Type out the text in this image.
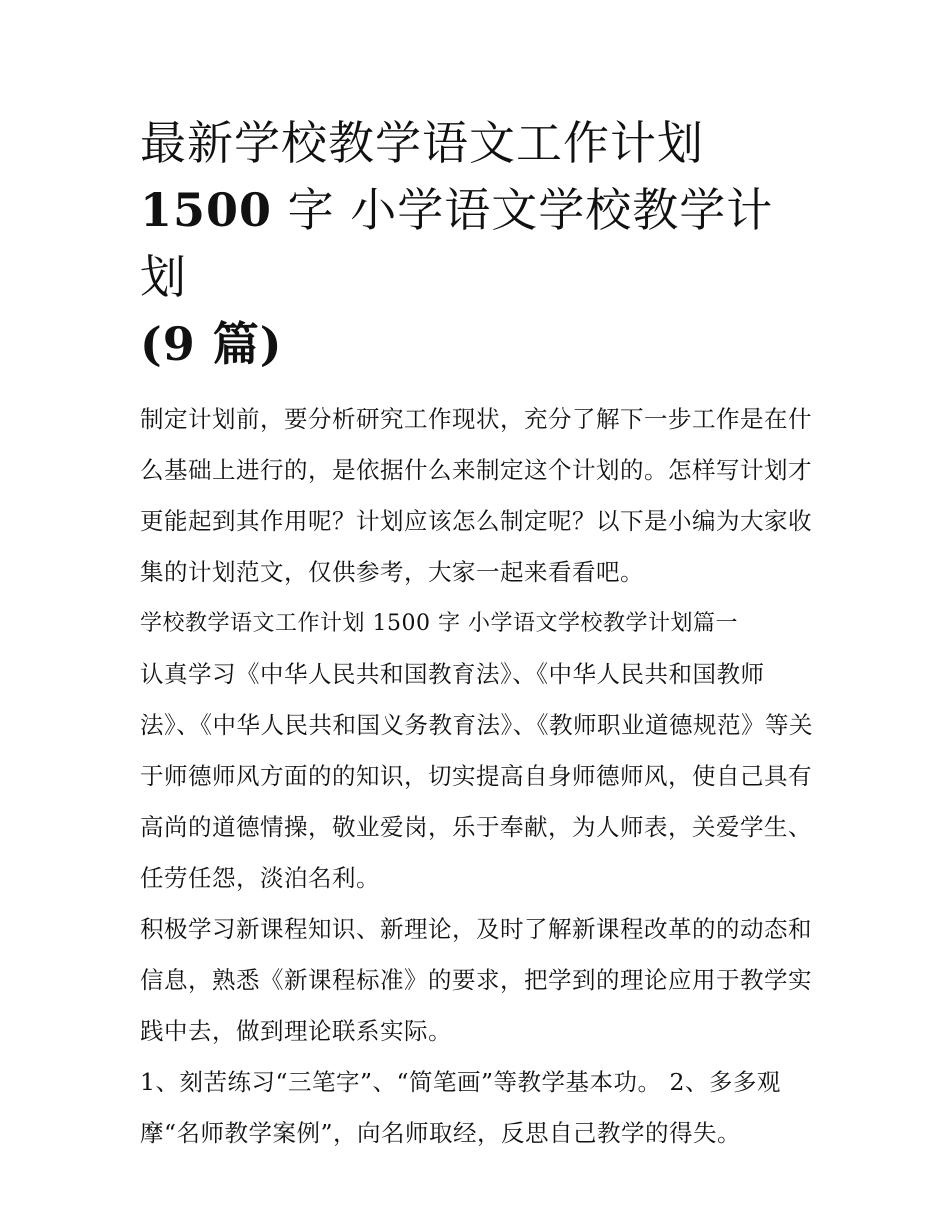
最新学校教学语文工作计划
1500 字 小学语文学校教学计划
(9 篇)

制定计划前，要分析研究工作现状，充分了解下一步工作是在什么基础上进行的，是依据什么来制定这个计划的。怎样写计划才更能起到其作用呢？计划应该怎么制定呢？以下是小编为大家收集的计划范文，仅供参考，大家一起来看看吧。

学校教学语文工作计划 1500 字 小学语文学校教学计划篇一

认真学习《中华人民共和国教育法》、《中华人民共和国教师法》、《中华人民共和国义务教育法》、《教师职业道德规范》等关于师德师风方面的的知识，切实提高自身师德师风，使自己具有高尚的道德情操，敬业爱岗，乐于奉献，为人师表，关爱学生、任劳任怨，淡泊名利。

积极学习新课程知识、新理论，及时了解新课程改革的的动态和信息，熟悉《新课程标准》的要求，把学到的理论应用于教学实践中去，做到理论联系实际。

1、刻苦练习“三笔字”、“简笔画”等教学基本功。 2、多多观摩“名师教学案例”，向名师取经，反思自己教学的得失。
